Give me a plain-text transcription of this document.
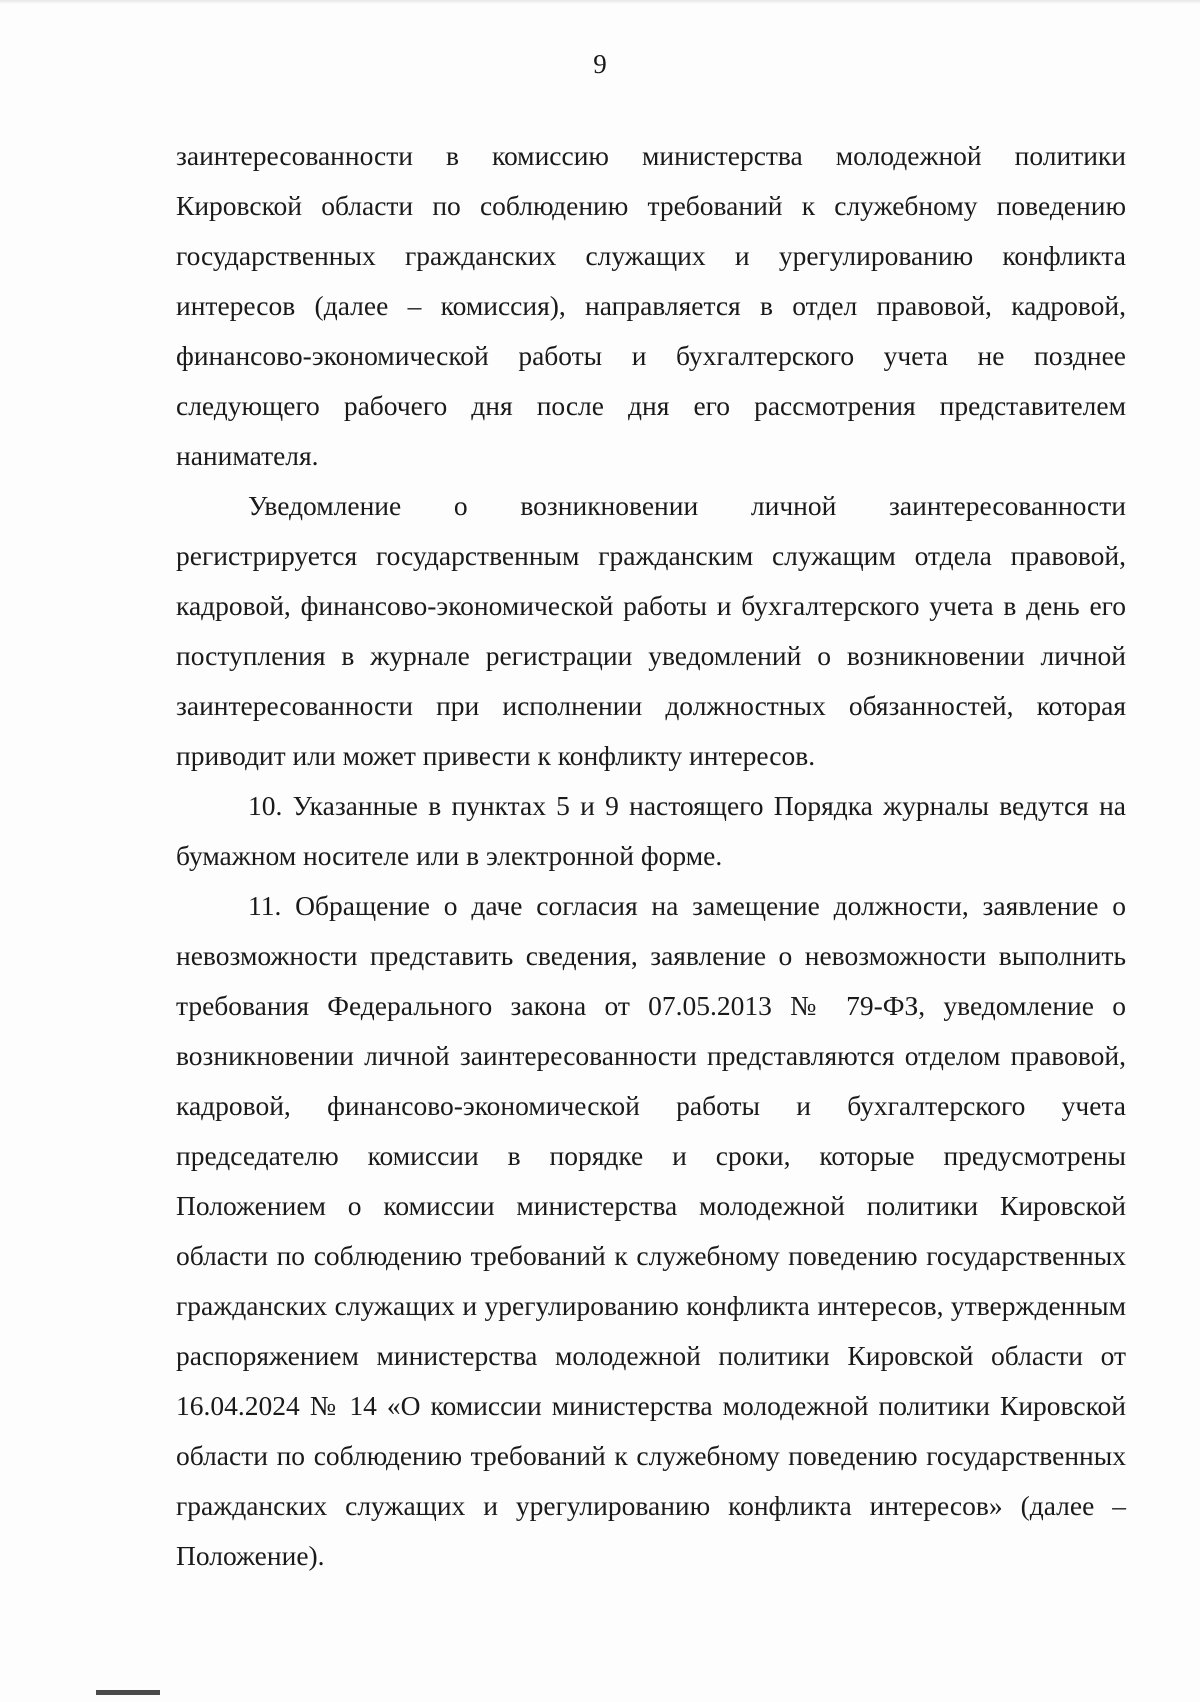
9

заинтересованности в комиссию министерства молодежной политики Кировской области по соблюдению требований к служебному поведению государственных гражданских служащих и урегулированию конфликта интересов (далее – комиссия), направляется в отдел правовой, кадровой, финансово-экономической работы и бухгалтерского учета не позднее следующего рабочего дня после дня его рассмотрения представителем нанимателя.

Уведомление о возникновении личной заинтересованности регистрируется государственным гражданским служащим отдела правовой, кадровой, финансово-экономической работы и бухгалтерского учета в день его поступления в журнале регистрации уведомлений о возникновении личной заинтересованности при исполнении должностных обязанностей, которая приводит или может привести к конфликту интересов.

10. Указанные в пунктах 5 и 9 настоящего Порядка журналы ведутся на бумажном носителе или в электронной форме.

11. Обращение о даче согласия на замещение должности, заявление о невозможности представить сведения, заявление о невозможности выполнить требования Федерального закона от 07.05.2013 № 79-ФЗ, уведомление о возникновении личной заинтересованности представляются отделом правовой, кадровой, финансово-экономической работы и бухгалтерского учета председателю комиссии в порядке и сроки, которые предусмотрены Положением о комиссии министерства молодежной политики Кировской области по соблюдению требований к служебному поведению государственных гражданских служащих и урегулированию конфликта интересов, утвержденным распоряжением министерства молодежной политики Кировской области от 16.04.2024 № 14 «О комиссии министерства молодежной политики Кировской области по соблюдению требований к служебному поведению государственных гражданских служащих и урегулированию конфликта интересов» (далее – Положение).
